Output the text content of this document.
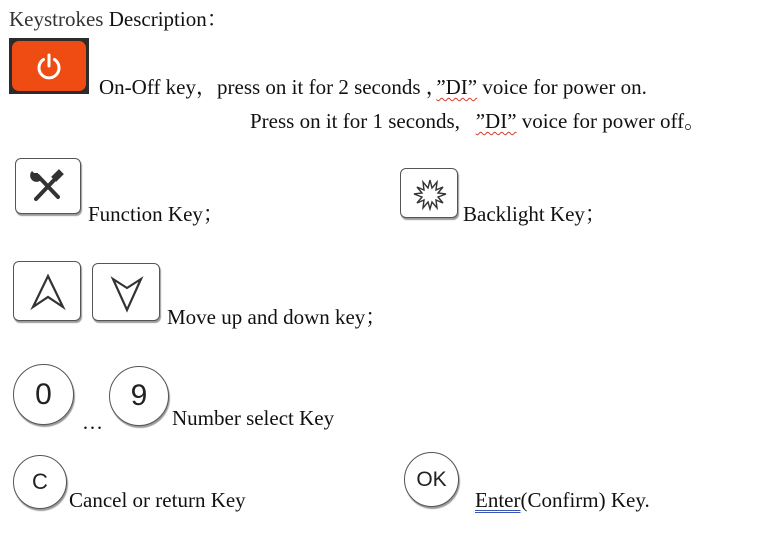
Keystrokes Description：
On-Off key，press on it for 2 seconds ，”DI” voice for power on.
Press on it for 1 seconds,   ”DI” voice for power off。
Function Key；	Backlight Key；
Move up and down key；
0
…
9
Number select Key
C
Cancel or return Key
OK
Enter(Confirm) Key.
